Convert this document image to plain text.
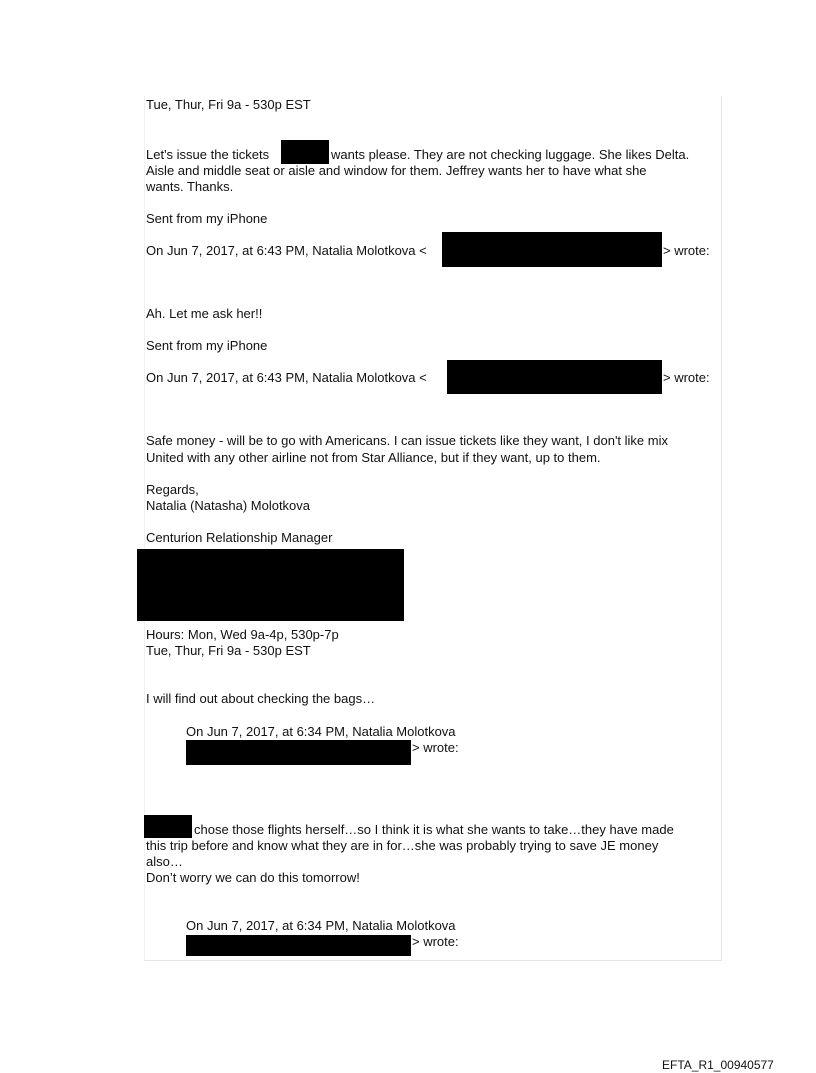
Tue, Thur, Fri 9a - 530p EST
Let's issue the tickets	wants please. They are not checking luggage. She likes Delta.
Aisle and middle seat or aisle and window for them. Jeffrey wants her to have what she
wants. Thanks.
Sent from my iPhone
On Jun 7, 2017, at 6:43 PM, Natalia Molotkova <	> wrote:
Ah. Let me ask her!!
Sent from my iPhone
On Jun 7, 2017, at 6:43 PM, Natalia Molotkova <	> wrote:
Safe money - will be to go with Americans. I can issue tickets like they want, I don't like mix
United with any other airline not from Star Alliance, but if they want, up to them.
Regards,
Natalia (Natasha) Molotkova
Centurion Relationship Manager
Hours: Mon, Wed 9a-4p, 530p-7p
Tue, Thur, Fri 9a - 530p EST
I will find out about checking the bags…
On Jun 7, 2017, at 6:34 PM, Natalia Molotkova
> wrote:
chose those flights herself…so I think it is what she wants to take…they have made
this trip before and know what they are in for…she was probably trying to save JE money
also…
Don’t worry we can do this tomorrow!
On Jun 7, 2017, at 6:34 PM, Natalia Molotkova
> wrote:
EFTA_R1_00940577
